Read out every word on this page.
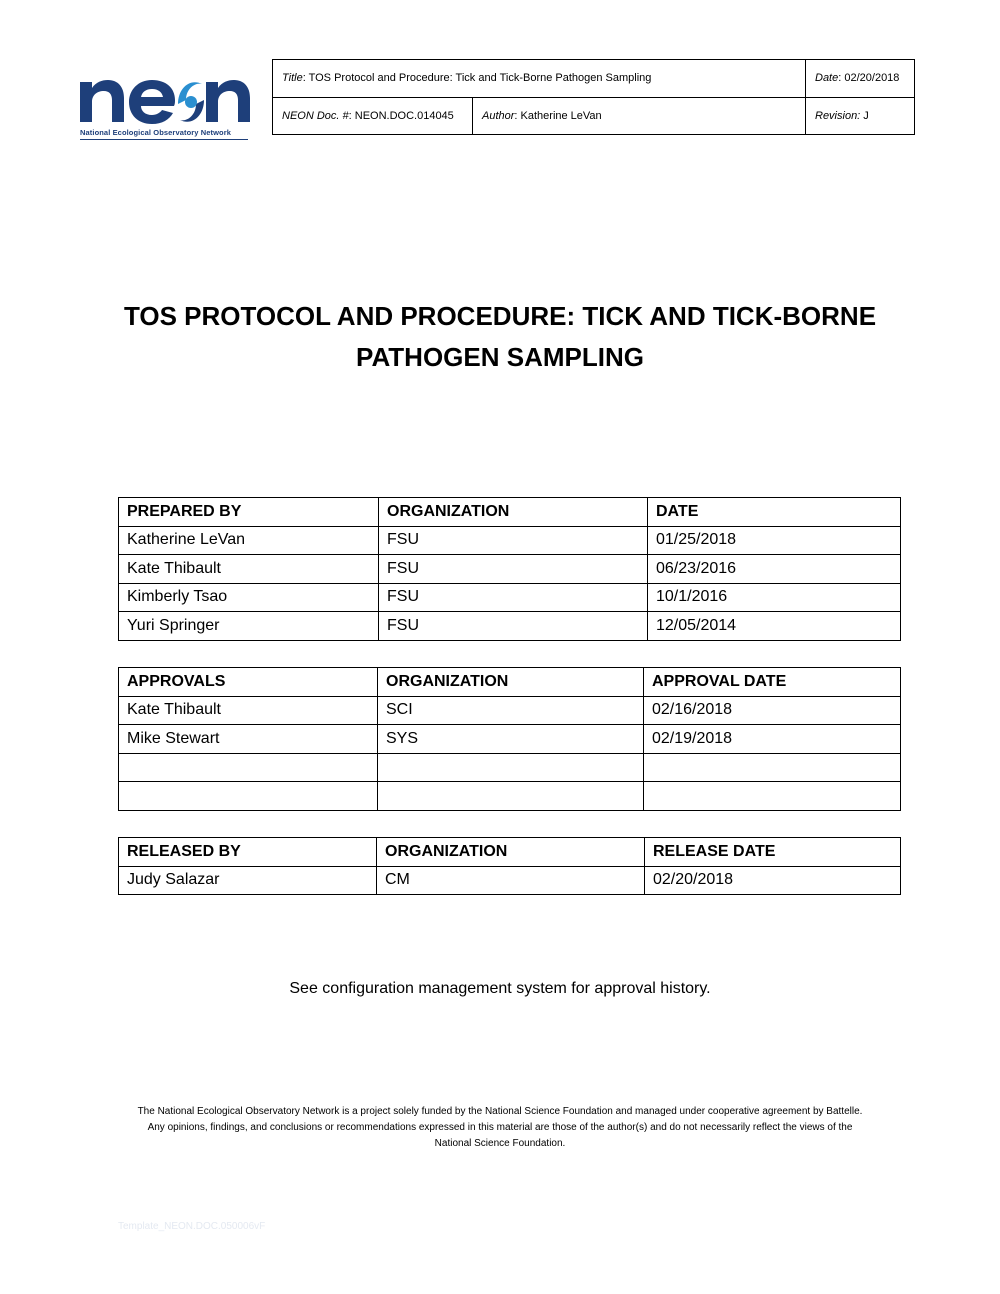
National Ecological Observatory Network
Title: TOS Protocol and Procedure: Tick and Tick-Borne Pathogen Sampling		Date: 02/20/2018
NEON Doc. #: NEON.DOC.014045	Author: Katherine LeVan	Revision: J
TOS PROTOCOL AND PROCEDURE: TICK AND TICK-BORNE
PATHOGEN SAMPLING
PREPARED BY	ORGANIZATION	DATE
Katherine LeVan	FSU	01/25/2018
Kate Thibault	FSU	06/23/2016
Kimberly Tsao	FSU	10/1/2016
Yuri Springer	FSU	12/05/2014
APPROVALS	ORGANIZATION	APPROVAL DATE
Kate Thibault	SCI	02/16/2018
Mike Stewart	SYS	02/19/2018

RELEASED BY	ORGANIZATION	RELEASE DATE
Judy Salazar	CM	02/20/2018
See configuration management system for approval history.
The National Ecological Observatory Network is a project solely funded by the National Science Foundation and managed under cooperative agreement by Battelle.
Any opinions, findings, and conclusions or recommendations expressed in this material are those of the author(s) and do not necessarily reflect the views of the
National Science Foundation.
Template_NEON.DOC.050006vF
